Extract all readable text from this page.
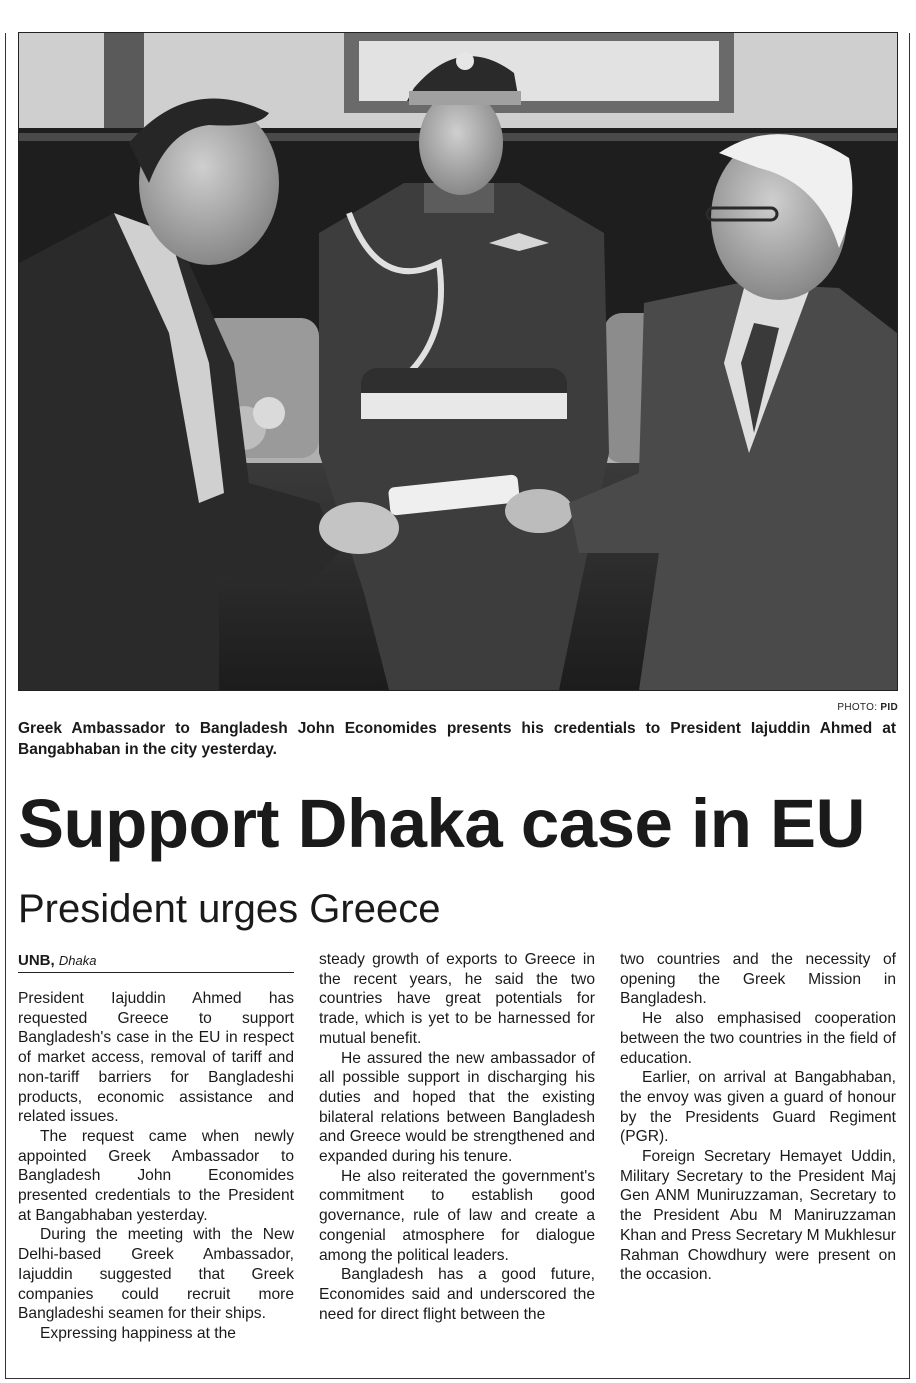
PHOTO: PID
Greek Ambassador to Bangladesh John Economides presents his credentials to President Iajuddin Ahmed at Bangabhaban in the city yesterday.
Support Dhaka case in EU
President urges Greece
UNB, Dhaka

President Iajuddin Ahmed has requested Greece to support Bangladesh's case in the EU in respect of market access, removal of tariff and non-tariff barriers for Bangladeshi products, economic assistance and related issues.

The request came when newly appointed Greek Ambassador to Bangladesh John Economides presented credentials to the President at Bangabhaban yesterday.

During the meeting with the New Delhi-based Greek Ambassador, Iajuddin suggested that Greek companies could recruit more Bangladeshi seamen for their ships.

Expressing happiness at the

steady growth of exports to Greece in the recent years, he said the two countries have great potentials for trade, which is yet to be harnessed for mutual benefit.

He assured the new ambassador of all possible support in discharging his duties and hoped that the existing bilateral relations between Bangladesh and Greece would be strengthened and expanded during his tenure.

He also reiterated the government's commitment to establish good governance, rule of law and create a congenial atmosphere for dialogue among the political leaders.

Bangladesh has a good future, Economides said and underscored the need for direct flight between the

two countries and the necessity of opening the Greek Mission in Bangladesh.

He also emphasised cooperation between the two countries in the field of education.

Earlier, on arrival at Bangabhaban, the envoy was given a guard of honour by the Presidents Guard Regiment (PGR).

Foreign Secretary Hemayet Uddin, Military Secretary to the President Maj Gen ANM Muniruzzaman, Secretary to the President Abu M Maniruzzaman Khan and Press Secretary M Mukhlesur Rahman Chowdhury were present on the occasion.
